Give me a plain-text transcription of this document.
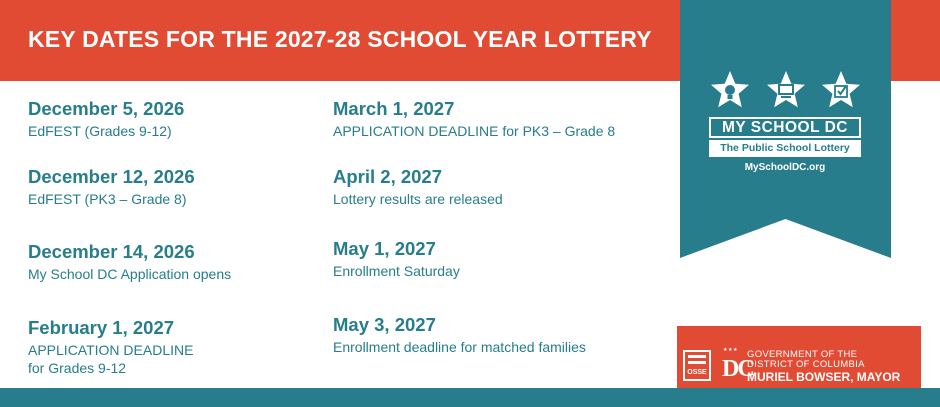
KEY DATES FOR THE 2027-28 SCHOOL YEAR LOTTERY
December 5, 2026
EdFEST (Grades 9-12)
December 12, 2026
EdFEST (PK3 – Grade 8)
December 14, 2026
My School DC Application opens
February 1, 2027
APPLICATION DEADLINE
for Grades 9-12
March 1, 2027
APPLICATION DEADLINE for PK3 – Grade 8
April 2, 2027
Lottery results are released
May 1, 2027
Enrollment Saturday
May 3, 2027
Enrollment deadline for matched families
MY SCHOOL DC
The Public School Lottery
MySchoolDC.org
OSSE
★★★
DC
GOVERNMENT OF THE
DISTRICT OF COLUMBIA
MURIEL BOWSER, MAYOR
